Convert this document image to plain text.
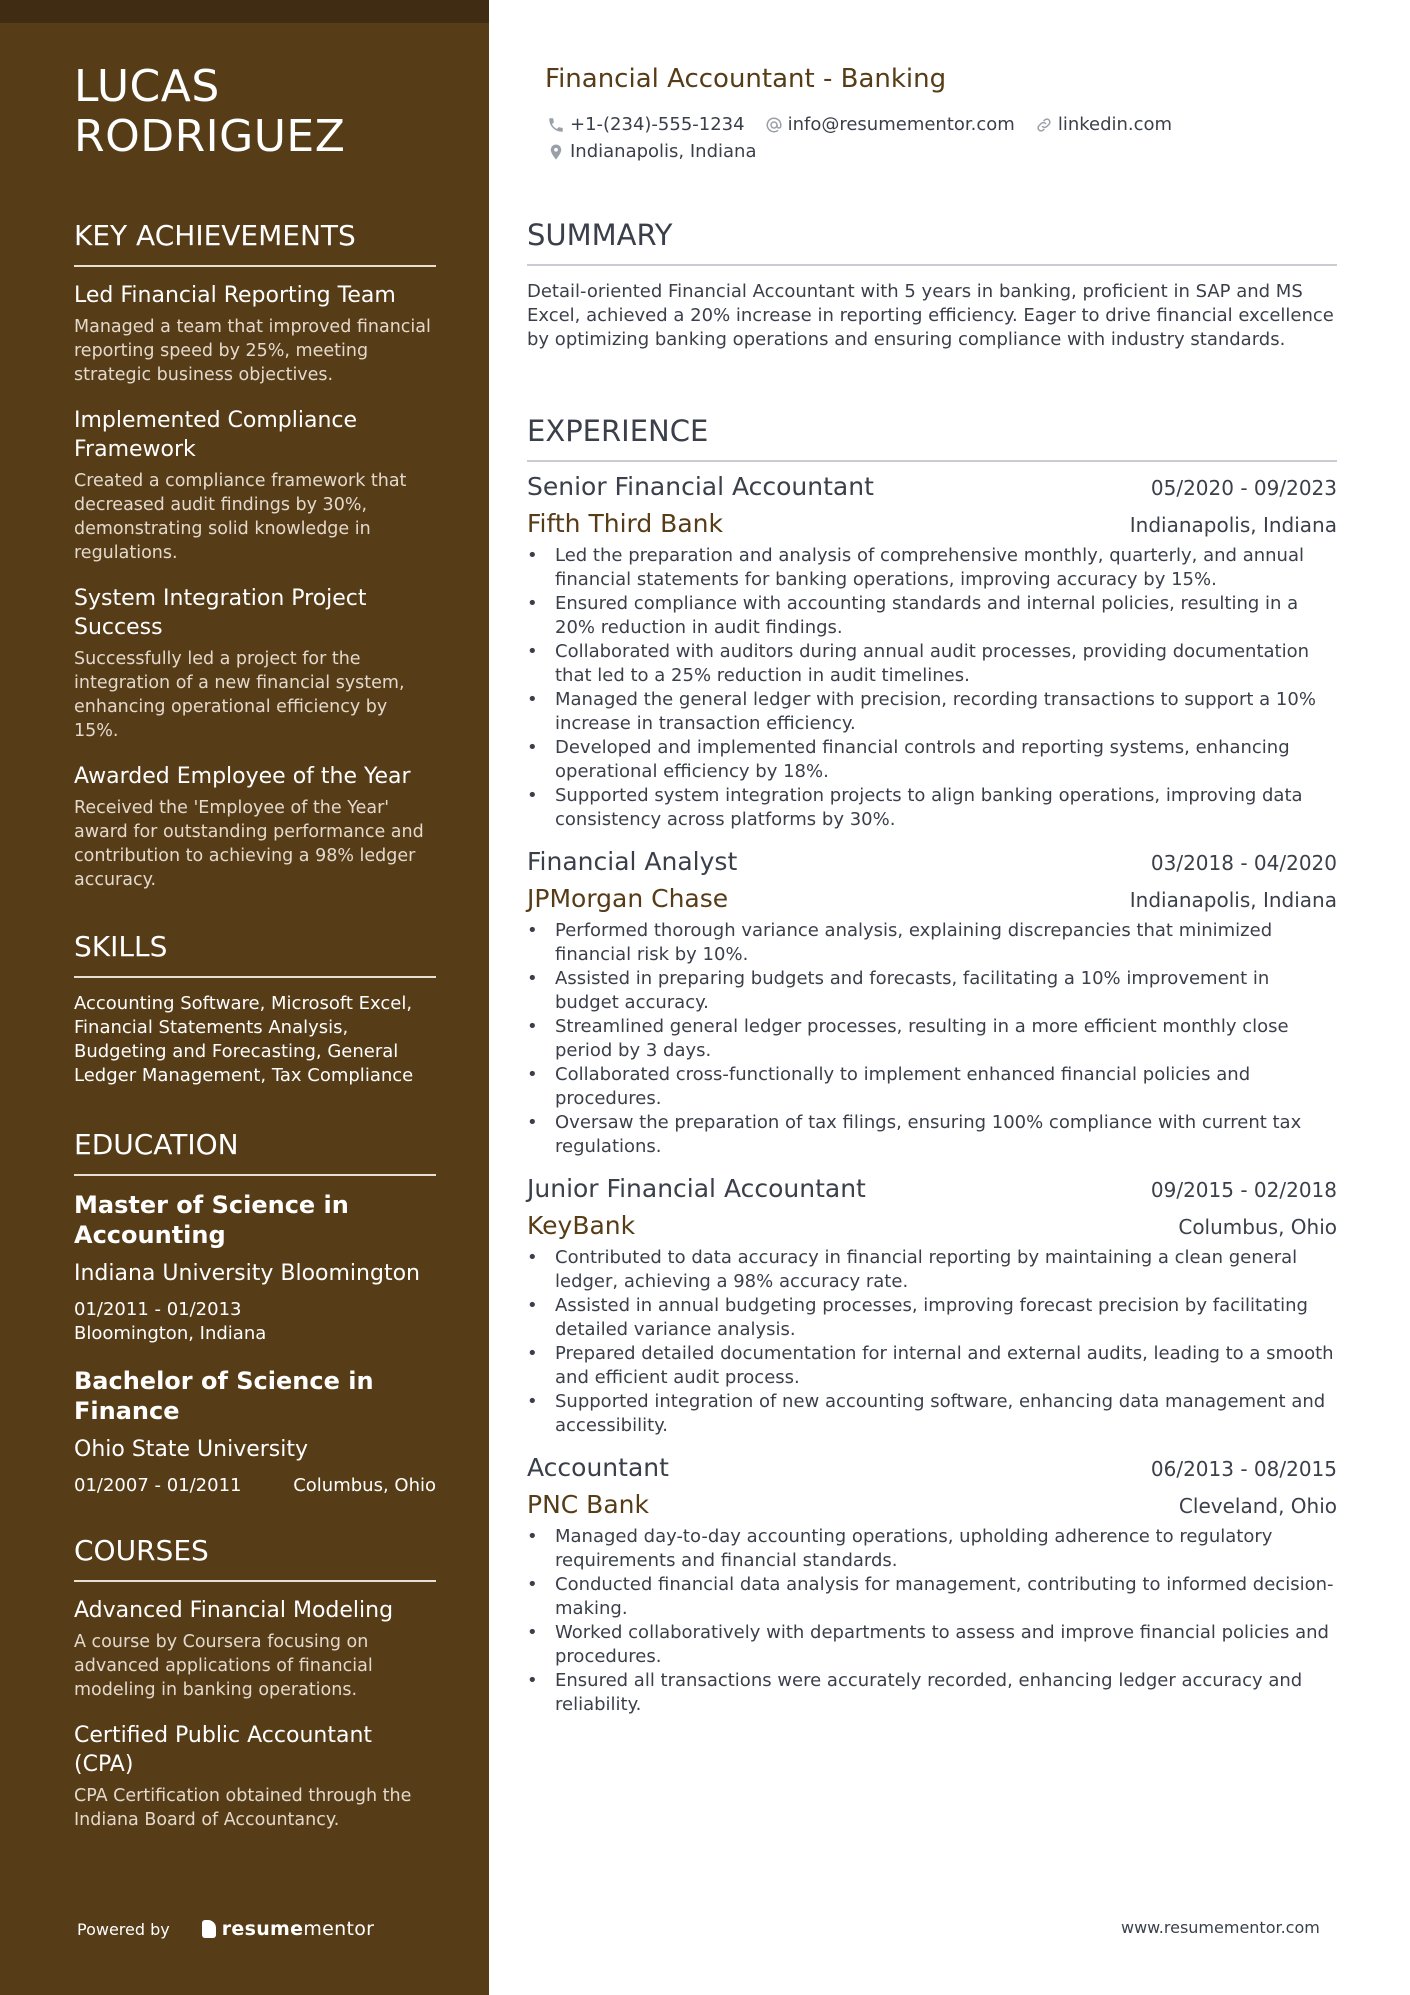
LUCAS
RODRIGUEZ
KEY ACHIEVEMENTS
Led Financial Reporting Team
Managed a team that improved financial reporting speed by 25%, meeting strategic business objectives.
Implemented Compliance Framework
Created a compliance framework that decreased audit findings by 30%, demonstrating solid knowledge in regulations.
System Integration Project Success
Successfully led a project for the integration of a new financial system, enhancing operational efficiency by 15%.
Awarded Employee of the Year
Received the 'Employee of the Year' award for outstanding performance and contribution to achieving a 98% ledger accuracy.
SKILLS
Accounting Software, Microsoft Excel, Financial Statements Analysis, Budgeting and Forecasting, General Ledger Management, Tax Compliance
EDUCATION
Master of Science in Accounting
Indiana University Bloomington
01/2011 - 01/2013
Bloomington, Indiana
Bachelor of Science in Finance
Ohio State University
01/2007 - 01/2011	Columbus, Ohio
COURSES
Advanced Financial Modeling
A course by Coursera focusing on advanced applications of financial modeling in banking operations.
Certified Public Accountant (CPA)
CPA Certification obtained through the Indiana Board of Accountancy.
Powered by	resume mentor
Financial Accountant - Banking
+1-(234)-555-1234 info@resumementor.com linkedin.com
Indianapolis, Indiana
SUMMARY
Detail-oriented Financial Accountant with 5 years in banking, proficient in SAP and MS Excel, achieved a 20% increase in reporting efficiency. Eager to drive financial excellence by optimizing banking operations and ensuring compliance with industry standards.
EXPERIENCE
Senior Financial Accountant	05/2020 - 09/2023
Fifth Third Bank	Indianapolis, Indiana
• Led the preparation and analysis of comprehensive monthly, quarterly, and annual financial statements for banking operations, improving accuracy by 15%.
• Ensured compliance with accounting standards and internal policies, resulting in a 20% reduction in audit findings.
• Collaborated with auditors during annual audit processes, providing documentation that led to a 25% reduction in audit timelines.
• Managed the general ledger with precision, recording transactions to support a 10% increase in transaction efficiency.
• Developed and implemented financial controls and reporting systems, enhancing operational efficiency by 18%.
• Supported system integration projects to align banking operations, improving data consistency across platforms by 30%.
Financial Analyst	03/2018 - 04/2020
JPMorgan Chase	Indianapolis, Indiana
• Performed thorough variance analysis, explaining discrepancies that minimized financial risk by 10%.
• Assisted in preparing budgets and forecasts, facilitating a 10% improvement in budget accuracy.
• Streamlined general ledger processes, resulting in a more efficient monthly close period by 3 days.
• Collaborated cross-functionally to implement enhanced financial policies and procedures.
• Oversaw the preparation of tax filings, ensuring 100% compliance with current tax regulations.
Junior Financial Accountant	09/2015 - 02/2018
KeyBank	Columbus, Ohio
• Contributed to data accuracy in financial reporting by maintaining a clean general ledger, achieving a 98% accuracy rate.
• Assisted in annual budgeting processes, improving forecast precision by facilitating detailed variance analysis.
• Prepared detailed documentation for internal and external audits, leading to a smooth and efficient audit process.
• Supported integration of new accounting software, enhancing data management and accessibility.
Accountant	06/2013 - 08/2015
PNC Bank	Cleveland, Ohio
• Managed day-to-day accounting operations, upholding adherence to regulatory requirements and financial standards.
• Conducted financial data analysis for management, contributing to informed decision-making.
• Worked collaboratively with departments to assess and improve financial policies and procedures.
• Ensured all transactions were accurately recorded, enhancing ledger accuracy and reliability.
www.resumementor.com
